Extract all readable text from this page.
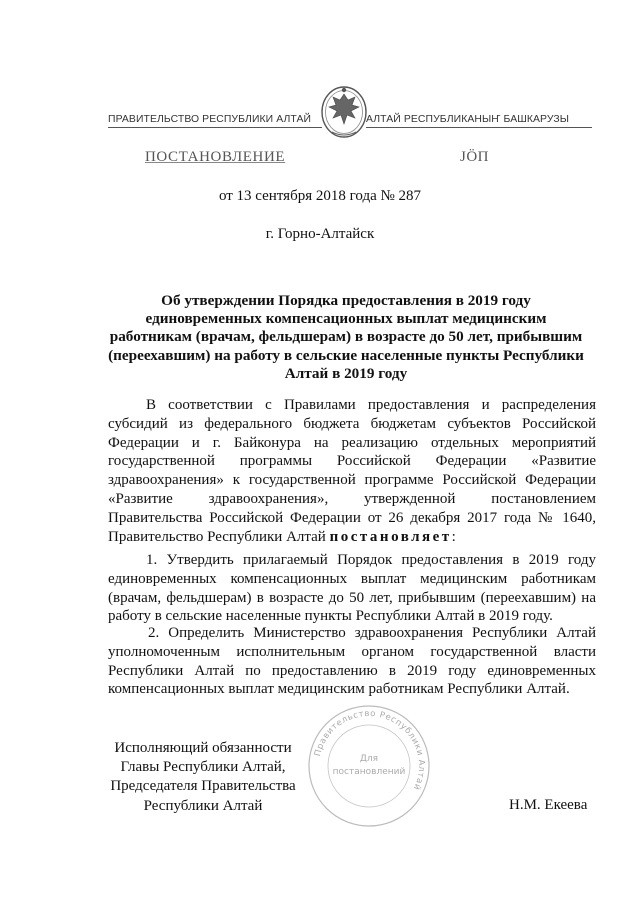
ПРАВИТЕЛЬСТВО РЕСПУБЛИКИ АЛТАЙ	АЛТАЙ РЕСПУБЛИКАНЫҤ БАШКАРУЗЫ
ПОСТАНОВЛЕНИЕ	ЈӦП
от 13 сентября 2018 года № 287
г. Горно-Алтайск
Об утверждении Порядка предоставления в 2019 году единовременных компенсационных выплат медицинским работникам (врачам, фельдшерам) в возрасте до 50 лет, прибывшим (переехавшим) на работу в сельские населенные пункты Республики Алтай в 2019 году
В соответствии с Правилами предоставления и распределения субсидий из федерального бюджета бюджетам субъектов Российской Федерации и г. Байконура на реализацию отдельных мероприятий государственной программы Российской Федерации «Развитие здравоохранения» к государственной программе Российской Федерации «Развитие здравоохранения», утвержденной постановлением Правительства Российской Федерации от 26 декабря 2017 года № 1640, Правительство Республики Алтай постановляет:
1. Утвердить прилагаемый Порядок предоставления в 2019 году единовременных компенсационных выплат медицинским работникам (врачам, фельдшерам) в возрасте до 50 лет, прибывшим (переехавшим) на работу в сельские населенные пункты Республики Алтай в 2019 году.
2. Определить Министерство здравоохранения Республики Алтай уполномоченным исполнительным органом государственной власти Республики Алтай по предоставлению в 2019 году единовременных компенсационных выплат медицинским работникам Республики Алтай.
Правительство Республики Алтай
Для
постановлений
Исполняющий обязанности
Главы Республики Алтай,
Председателя Правительства
Республики Алтай	Н.М. Екеева
